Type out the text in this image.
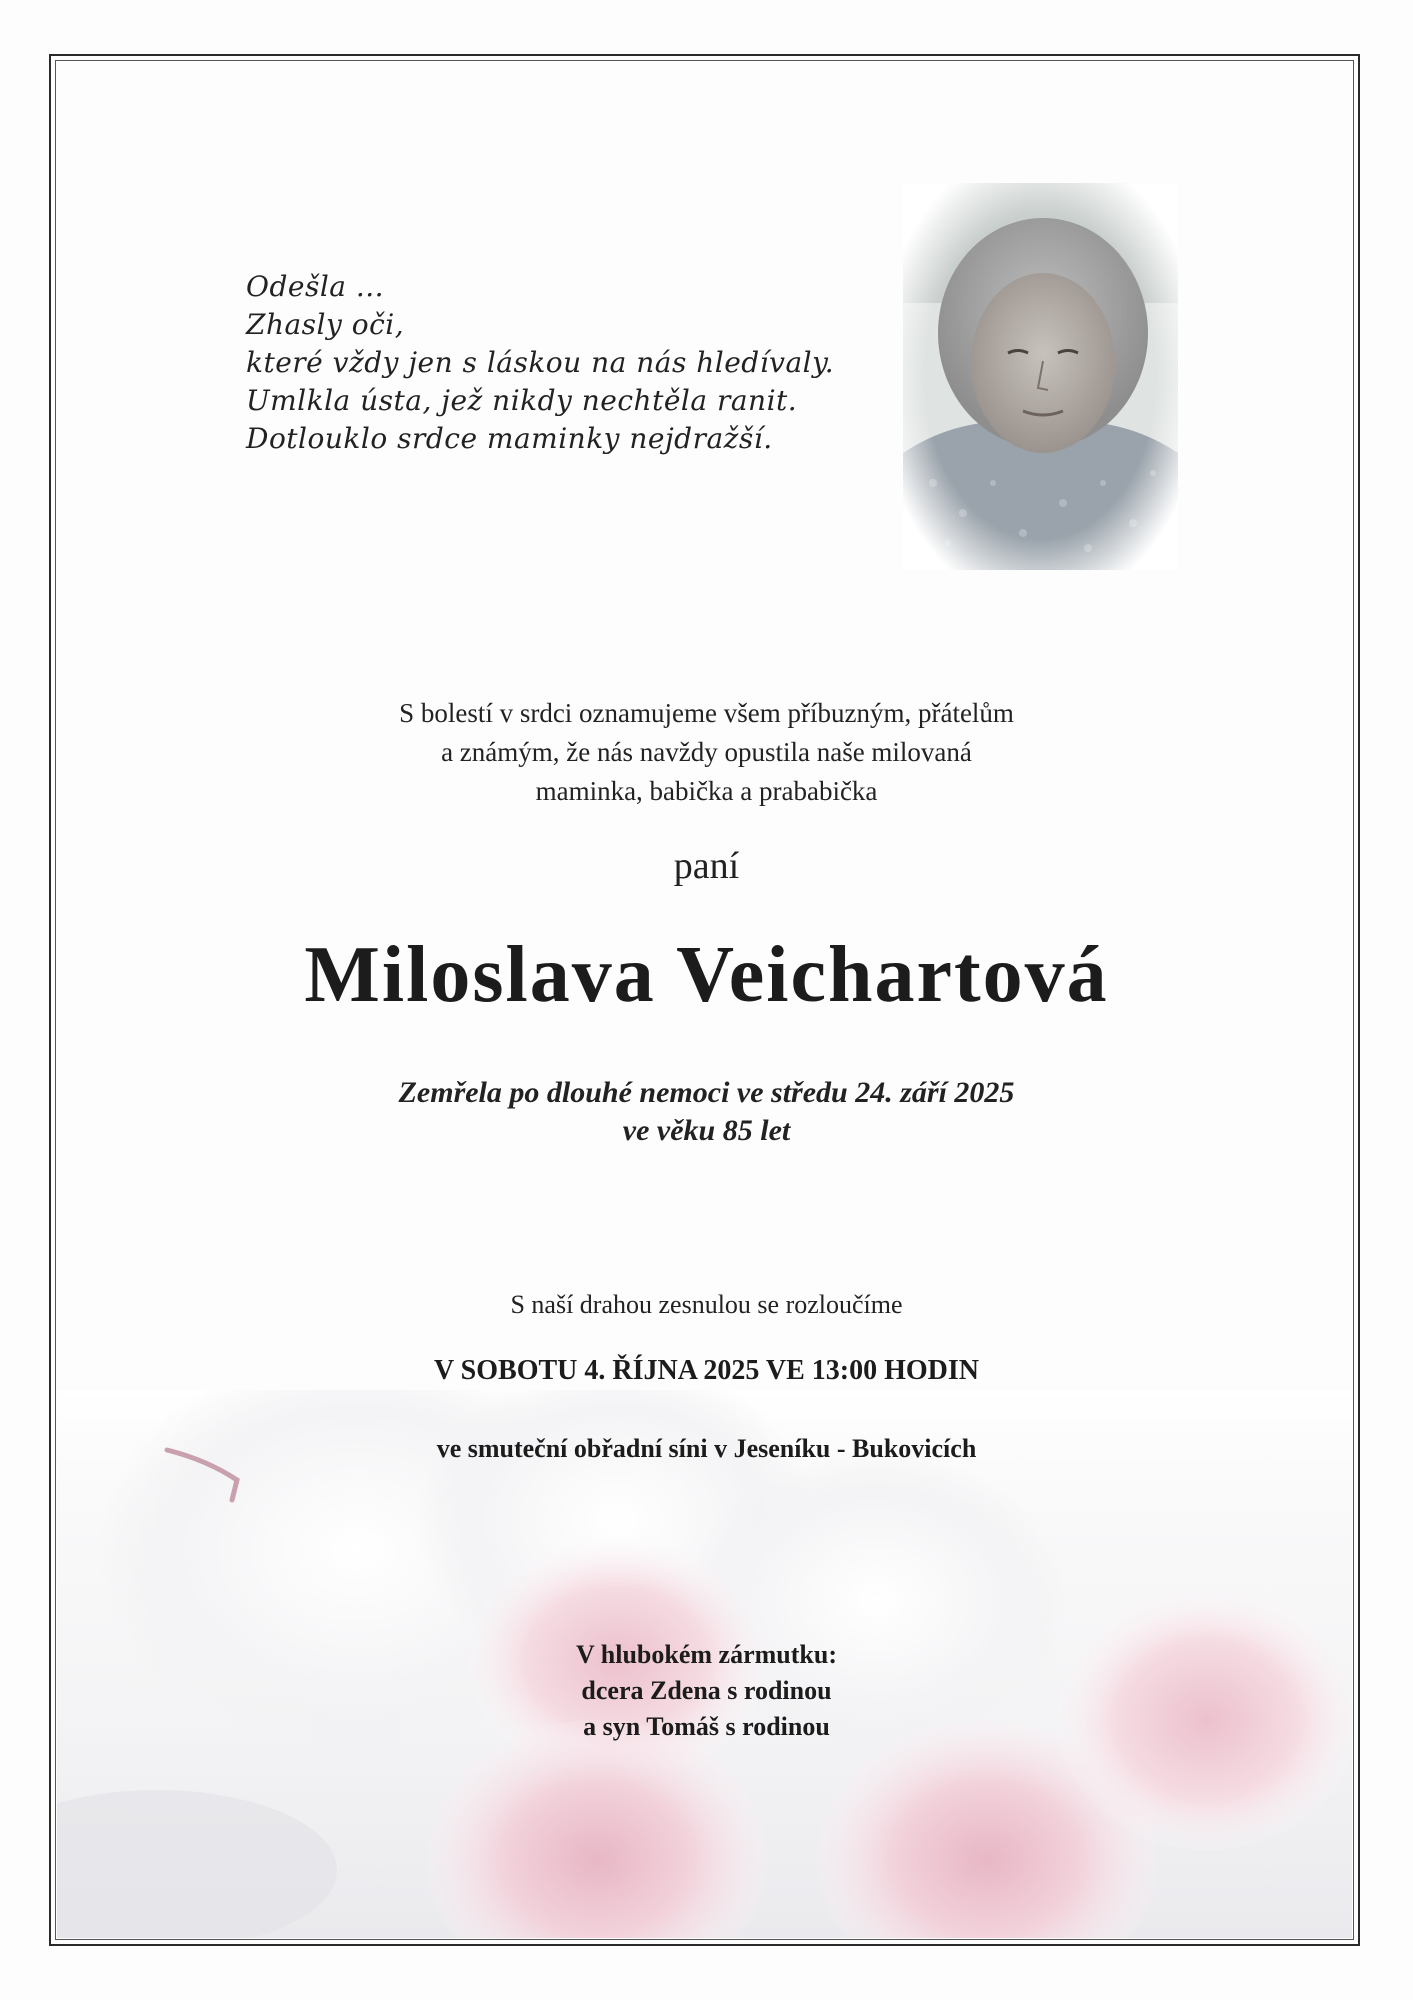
Odešla ...
Zhasly oči,
které vždy jen s láskou na nás hledívaly.
Umlkla ústa, jež nikdy nechtěla ranit.
Dotlouklo srdce maminky nejdražší.
S bolestí v srdci oznamujeme všem příbuzným, přátelům
a známým, že nás navždy opustila naše milovaná
maminka, babička a prababička
paní
Miloslava Veichartová
Zemřela po dlouhé nemoci ve středu 24. září 2025
ve věku 85 let
S naší drahou zesnulou se rozloučíme
V SOBOTU 4. ŘÍJNA 2025 VE 13:00 HODIN
ve smuteční obřadní síni v Jeseníku - Bukovicích
V hlubokém zármutku:
dcera Zdena s rodinou
a syn Tomáš s rodinou
